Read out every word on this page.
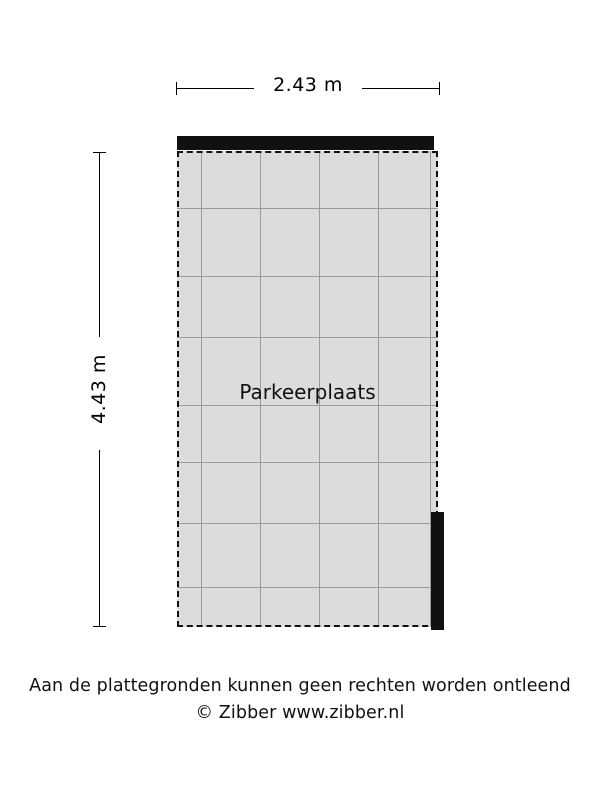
2.43 m
4.43 m	Parkeerplaats
Aan de plattegronden kunnen geen rechten worden ontleend
© Zibber www.zibber.nl
